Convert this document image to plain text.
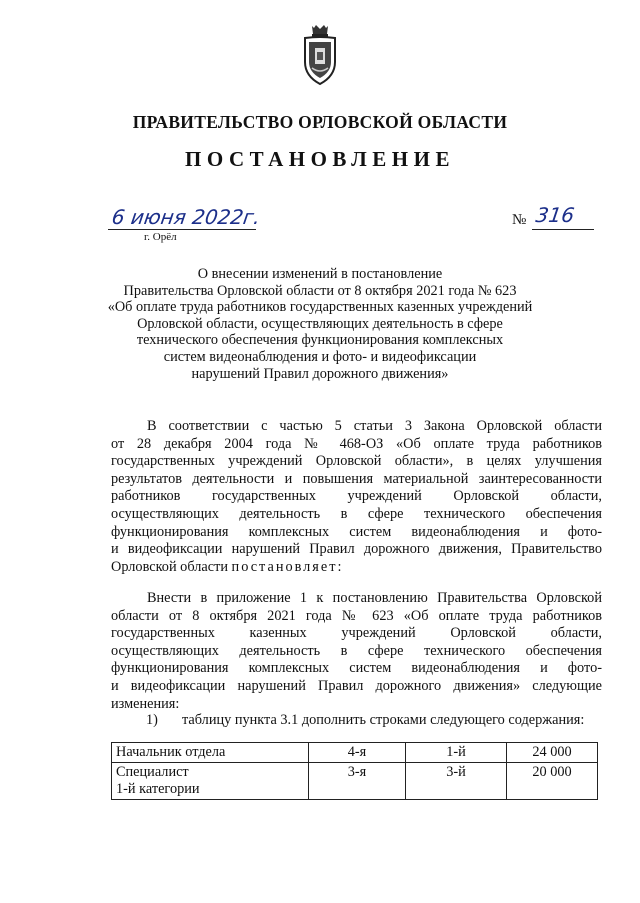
ПРАВИТЕЛЬСТВО ОРЛОВСКОЙ ОБЛАСТИ
ПОСТАНОВЛЕНИЕ
6 июня 2022г.
г. Орёл
№ 316
О внесении изменений в постановление
Правительства Орловской области от 8 октября 2021 года № 623
«Об оплате труда работников государственных казенных учреждений
Орловской области, осуществляющих деятельность в сфере
технического обеспечения функционирования комплексных
систем видеонаблюдения и фото- и видеофиксации
нарушений Правил дорожного движения»
В соответствии с частью 5 статьи 3 Закона Орловской области
от 28 декабря 2004 года № 468-ОЗ «Об оплате труда работников
государственных учреждений Орловской области», в целях улучшения
результатов деятельности и повышения материальной заинтересованности
работников государственных учреждений Орловской области,
осуществляющих деятельность в сфере технического обеспечения
функционирования комплексных систем видеонаблюдения и фото-
и видеофиксации нарушений Правил дорожного движения, Правительство
Орловской области постановляет:
Внести в приложение 1 к постановлению Правительства Орловской
области от 8 октября 2021 года № 623 «Об оплате труда работников
государственных казенных учреждений Орловской области,
осуществляющих деятельность в сфере технического обеспечения
функционирования комплексных систем видеонаблюдения и фото-
и видеофиксации нарушений Правил дорожного движения» следующие
изменения:
1) таблицу пункта 3.1 дополнить строками следующего содержания:
Начальник отдела	4-я	1-й	24 000

Специалист
1-й категории	3-я	3-й	20 000
